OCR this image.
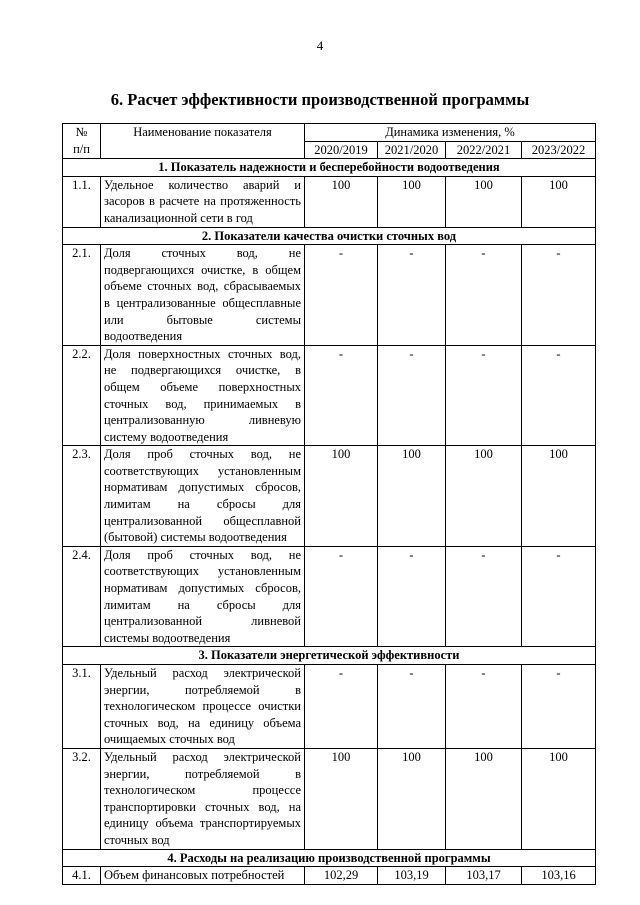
4
6. Расчет эффективности производственной программы
№
п/п	Наименование показателя	Динамика изменения, %			
		2020/2019	2021/2020	2022/2021	2023/2022
1. Показатель надежности и бесперебойности водоотведения					
1.1.	Удельное количество аварий и засоров в расчете на протяженность канализационной сети в год	100	100	100	100
2. Показатели качества очистки сточных вод					
2.1.	Доля сточных вод, не подвергающихся очистке, в общем объеме сточных вод, сбрасываемых в централизованные общесплавные или бытовые системы водоотведения	-	-	-	-
2.2.	Доля поверхностных сточных вод, не подвергающихся очистке, в общем объеме поверхностных сточных вод, принимаемых в централизованную ливневую систему водоотведения	-	-	-	-
2.3.	Доля проб сточных вод, не соответствующих установленным нормативам допустимых сбросов, лимитам на сбросы для централизованной общесплавной (бытовой) системы водоотведения	100	100	100	100
2.4.	Доля проб сточных вод, не соответствующих установленным нормативам допустимых сбросов, лимитам на сбросы для централизованной ливневой системы водоотведения	-	-	-	-
3. Показатели энергетической эффективности					
3.1.	Удельный расход электрической энергии, потребляемой в технологическом процессе очистки сточных вод, на единицу объема очищаемых сточных вод	-	-	-	-
3.2.	Удельный расход электрической энергии, потребляемой в технологическом процессе транспортировки сточных вод, на единицу объема транспортируемых сточных вод	100	100	100	100
4. Расходы на реализацию производственной программы					
4.1.	Объем финансовых потребностей	102,29	103,19	103,17	103,16
